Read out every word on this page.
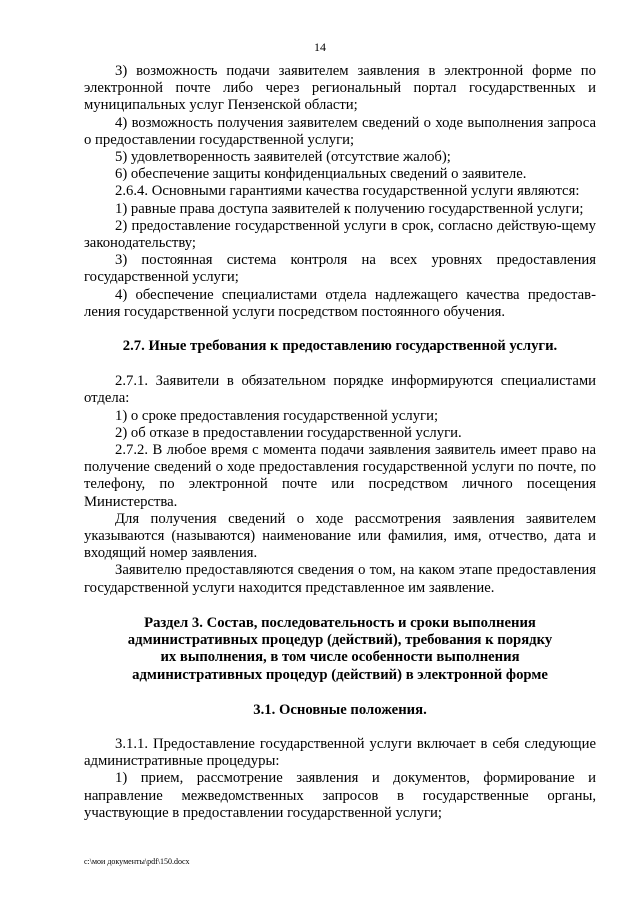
14

3) возможность подачи заявителем заявления в электронной форме по электронной почте либо через региональный портал государственных и муниципальных услуг Пензенской области;

4) возможность получения заявителем сведений о ходе выполнения запроса о предоставлении государственной услуги;

5) удовлетворенность заявителей (отсутствие жалоб);

6) обеспечение защиты конфиденциальных сведений о заявителе.

2.6.4. Основными гарантиями качества государственной услуги являются:

1) равные права доступа заявителей к получению государственной услуги;

2) предоставление государственной услуги в срок, согласно действую-щему законодательству;

3) постоянная система контроля на всех уровнях предоставления государственной услуги;

4) обеспечение специалистами отдела надлежащего качества предостав-ления государственной услуги посредством постоянного обучения.

2.7. Иные требования к предоставлению государственной услуги.

2.7.1. Заявители в обязательном порядке информируются специалистами отдела:

1) о сроке предоставления государственной услуги;

2) об отказе в предоставлении государственной услуги.

2.7.2. В любое время с момента подачи заявления заявитель имеет право на получение сведений о ходе предоставления государственной услуги по почте, по телефону, по электронной почте или посредством личного посещения Министерства.

Для получения сведений о ходе рассмотрения заявления заявителем указываются (называются) наименование или фамилия, имя, отчество, дата и входящий номер заявления.

Заявителю предоставляются сведения о том, на каком этапе предоставления государственной услуги находится представленное им заявление.

Раздел 3. Состав, последовательность и сроки выполнения
административных процедур (действий), требования к порядку
их выполнения, в том числе особенности выполнения
административных процедур (действий) в электронной форме
3.1. Основные положения.

3.1.1. Предоставление государственной услуги включает в себя следующие административные процедуры:

1) прием, рассмотрение заявления и документов, формирование и направление межведомственных запросов в государственные органы, участвующие в предоставлении государственной услуги;

c:\мои документы\pdf\150.docx
